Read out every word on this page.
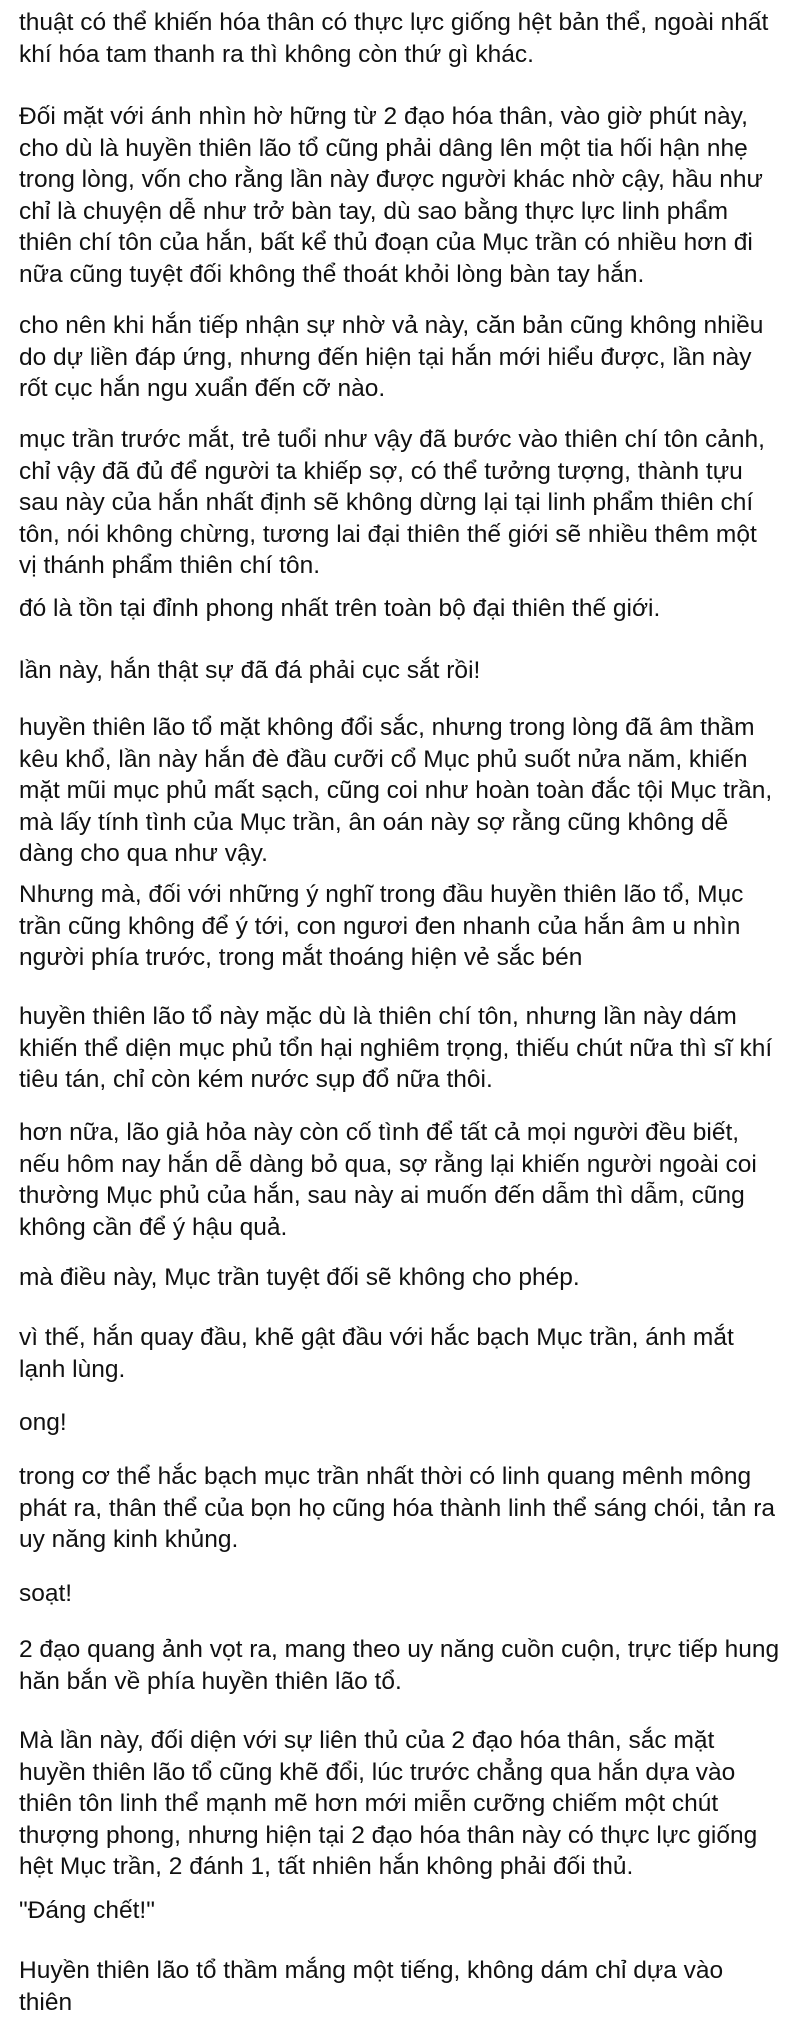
thuật có thể khiến hóa thân có thực lực giống hệt bản thể, ngoài nhất khí hóa tam thanh ra thì không còn thứ gì khác.

Đối mặt với ánh nhìn hờ hững từ 2 đạo hóa thân, vào giờ phút này, cho dù là huyền thiên lão tổ cũng phải dâng lên một tia hối hận nhẹ trong lòng, vốn cho rằng lần này được người khác nhờ cậy, hầu như chỉ là chuyện dễ như trở bàn tay, dù sao bằng thực lực linh phẩm thiên chí tôn của hắn, bất kể thủ đoạn của Mục trần có nhiều hơn đi nữa cũng tuyệt đối không thể thoát khỏi lòng bàn tay hắn.

cho nên khi hắn tiếp nhận sự nhờ vả này, căn bản cũng không nhiều do dự liền đáp ứng, nhưng đến hiện tại hắn mới hiểu được, lần này rốt cục hắn ngu xuẩn đến cỡ nào.

mục trần trước mắt, trẻ tuổi như vậy đã bước vào thiên chí tôn cảnh, chỉ vậy đã đủ để người ta khiếp sợ, có thể tưởng tượng, thành tựu sau này của hắn nhất định sẽ không dừng lại tại linh phẩm thiên chí tôn, nói không chừng, tương lai đại thiên thế giới sẽ nhiều thêm một vị thánh phẩm thiên chí tôn.

đó là tồn tại đỉnh phong nhất trên toàn bộ đại thiên thế giới.

lần này, hắn thật sự đã đá phải cục sắt rồi!

huyền thiên lão tổ mặt không đổi sắc, nhưng trong lòng đã âm thầm kêu khổ, lần này hắn đè đầu cưỡi cổ Mục phủ suốt nửa năm, khiến mặt mũi mục phủ mất sạch, cũng coi như hoàn toàn đắc tội Mục trần, mà lấy tính tình của Mục trần, ân oán này sợ rằng cũng không dễ dàng cho qua như vậy.

Nhưng mà, đối với những ý nghĩ trong đầu huyền thiên lão tổ, Mục trần cũng không để ý tới, con ngươi đen nhanh của hắn âm u nhìn người phía trước, trong mắt thoáng hiện vẻ sắc bén

huyền thiên lão tổ này mặc dù là thiên chí tôn, nhưng lần này dám khiến thể diện mục phủ tổn hại nghiêm trọng, thiếu chút nữa thì sĩ khí tiêu tán, chỉ còn kém nước sụp đổ nữa thôi.

hơn nữa, lão giả hỏa này còn cố tình để tất cả mọi người đều biết, nếu hôm nay hắn dễ dàng bỏ qua, sợ rằng lại khiến người ngoài coi thường Mục phủ của hắn, sau này ai muốn đến dẫm thì dẫm, cũng không cần để ý hậu quả.

mà điều này, Mục trần tuyệt đối sẽ không cho phép.

vì thế, hắn quay đầu, khẽ gật đầu với hắc bạch Mục trần, ánh mắt lạnh lùng.

ong!

trong cơ thể hắc bạch mục trần nhất thời có linh quang mênh mông phát ra, thân thể của bọn họ cũng hóa thành linh thể sáng chói, tản ra uy năng kinh khủng.

soạt!

2 đạo quang ảnh vọt ra, mang theo uy năng cuồn cuộn, trực tiếp hung hăn bắn về phía huyền thiên lão tổ.

Mà lần này, đối diện với sự liên thủ của 2 đạo hóa thân, sắc mặt huyền thiên lão tổ cũng khẽ đổi, lúc trước chẳng qua hắn dựa vào thiên tôn linh thể mạnh mẽ hơn mới miễn cưỡng chiếm một chút thượng phong, nhưng hiện tại 2 đạo hóa thân này có thực lực giống hệt Mục trần, 2 đánh 1, tất nhiên hắn không phải đối thủ.

"Đáng chết!"

Huyền thiên lão tổ thầm mắng một tiếng, không dám chỉ dựa vào thiên
